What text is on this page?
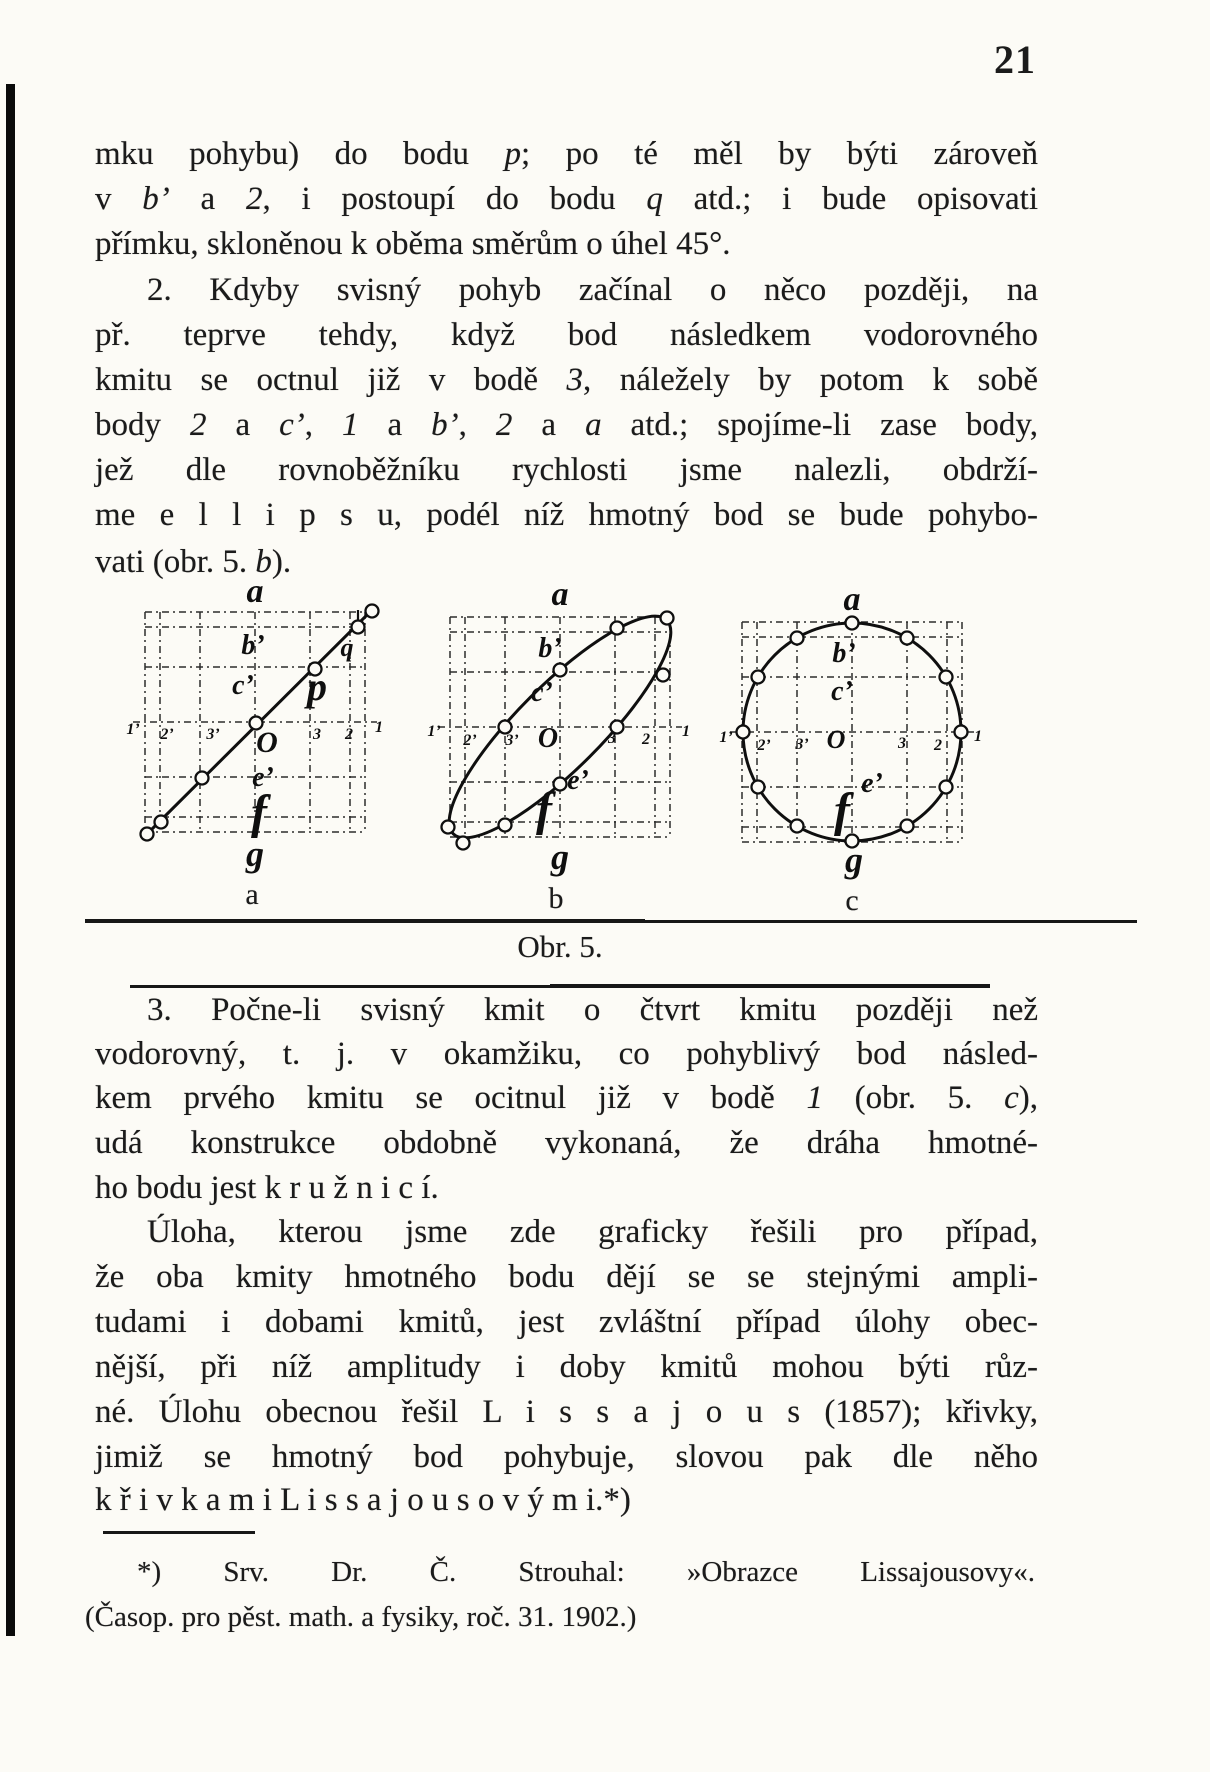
21
mku pohybu) do bodu p; po té měl by býti zároveň
v b’ a 2, i postoupí do bodu q atd.; i bude opisovati
přímku, skloněnou k oběma směrům o úhel 45°.
2. Kdyby svisný pohyb začínal o něco později, na
př. teprve tehdy, když bod následkem vodorovného
kmitu se octnul již v bodě 3, náležely by potom k sobě
body 2 a c’, 1 a b’, 2 a a atd.; spojíme-li zase body,
jež dle rovnoběžníku rychlosti jsme nalezli, obdrží-
me e l l i p s u, podél níž hmotný bod se bude pohybo-
vati (obr. 5. b).
a
b’
c’ p
q
O
e’
f
g
1’ 2’ 3’	3 2 1
a
b’
c’
O
e’
f
g
1’
2’ 3’	3 2 1
a
b’
c’
O
e’
f
g
1’ 2’ 3’	3 2
1
a	b	c
Obr. 5.
3. Počne-li svisný kmit o čtvrt kmitu později než
vodorovný, t. j. v okamžiku, co pohyblivý bod násled-
kem prvého kmitu se ocitnul již v bodě 1 (obr. 5. c),
udá konstrukce obdobně vykonaná, že dráha hmotné-
ho bodu jest k r u ž n i c í.
Úloha, kterou jsme zde graficky řešili pro případ,
že oba kmity hmotného bodu dějí se se stejnými ampli-
tudami i dobami kmitů, jest zvláštní případ úlohy obec-
nější, při níž amplitudy i doby kmitů mohou býti růz-
né. Úlohu obecnou řešil L i s s a j o u s (1857); křivky,
jimiž se hmotný bod pohybuje, slovou pak dle něho
k ř i v k a m i L i s s a j o u s o v ý m i.*)
*) Srv. Dr. Č. Strouhal: »Obrazce Lissajousovy«.
(Časop. pro pěst. math. a fysiky, roč. 31. 1902.)
